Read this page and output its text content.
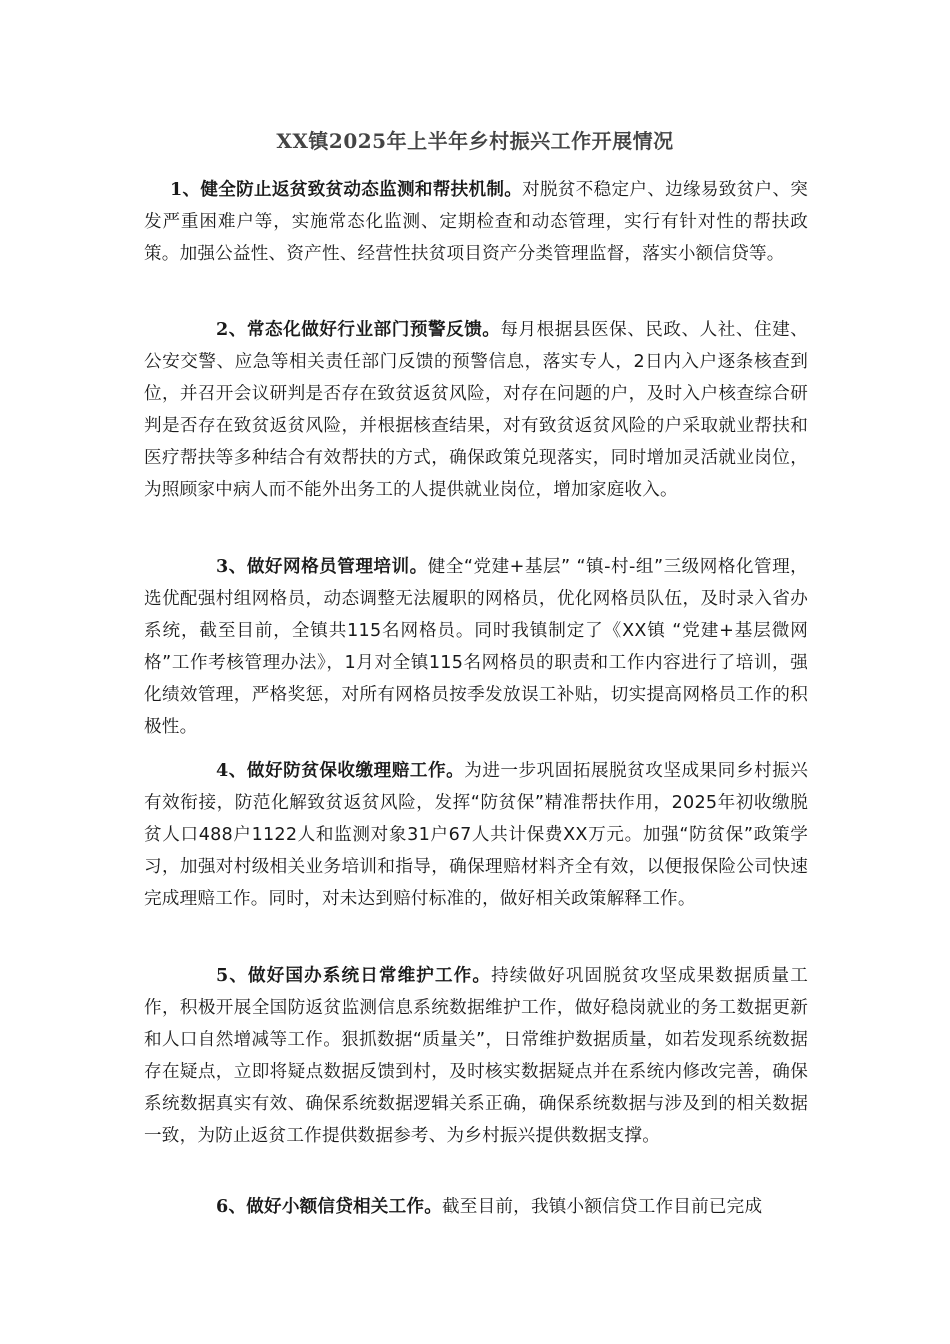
XX镇2025年上半年乡村振兴工作开展情况

1、健全防止返贫致贫动态监测和帮扶机制。对脱贫不稳定户、边缘易致贫户、突发严重困难户等，实施常态化监测、定期检查和动态管理，实行有针对性的帮扶政策。加强公益性、资产性、经营性扶贫项目资产分类管理监督，落实小额信贷等。

2、常态化做好行业部门预警反馈。每月根据县医保、民政、人社、住建、公安交警、应急等相关责任部门反馈的预警信息，落实专人，2日内入户逐条核查到位，并召开会议研判是否存在致贫返贫风险，对存在问题的户，及时入户核查综合研判是否存在致贫返贫风险，并根据核查结果，对有致贫返贫风险的户采取就业帮扶和医疗帮扶等多种结合有效帮扶的方式，确保政策兑现落实，同时增加灵活就业岗位，为照顾家中病人而不能外出务工的人提供就业岗位，增加家庭收入。

3、做好网格员管理培训。健全“党建+基层” “镇-村-组”三级网格化管理，选优配强村组网格员，动态调整无法履职的网格员，优化网格员队伍，及时录入省办系统，截至目前，全镇共115名网格员。同时我镇制定了《XX镇 “党建+基层微网格”工作考核管理办法》，1月对全镇115名网格员的职责和工作内容进行了培训，强化绩效管理，严格奖惩，对所有网格员按季发放误工补贴，切实提高网格员工作的积极性。

4、做好防贫保收缴理赔工作。为进一步巩固拓展脱贫攻坚成果同乡村振兴有效衔接，防范化解致贫返贫风险，发挥“防贫保”精准帮扶作用，2025年初收缴脱贫人口488户1122人和监测对象31户67人共计保费XX万元。加强“防贫保”政策学习，加强对村级相关业务培训和指导，确保理赔材料齐全有效，以便报保险公司快速完成理赔工作。同时，对未达到赔付标准的，做好相关政策解释工作。

5、做好国办系统日常维护工作。持续做好巩固脱贫攻坚成果数据质量工作，积极开展全国防返贫监测信息系统数据维护工作，做好稳岗就业的务工数据更新和人口自然增减等工作。狠抓数据“质量关”，日常维护数据质量，如若发现系统数据存在疑点，立即将疑点数据反馈到村，及时核实数据疑点并在系统内修改完善，确保系统数据真实有效、确保系统数据逻辑关系正确，确保系统数据与涉及到的相关数据一致，为防止返贫工作提供数据参考、为乡村振兴提供数据支撑。

6、做好小额信贷相关工作。截至目前，我镇小额信贷工作目前已完成
